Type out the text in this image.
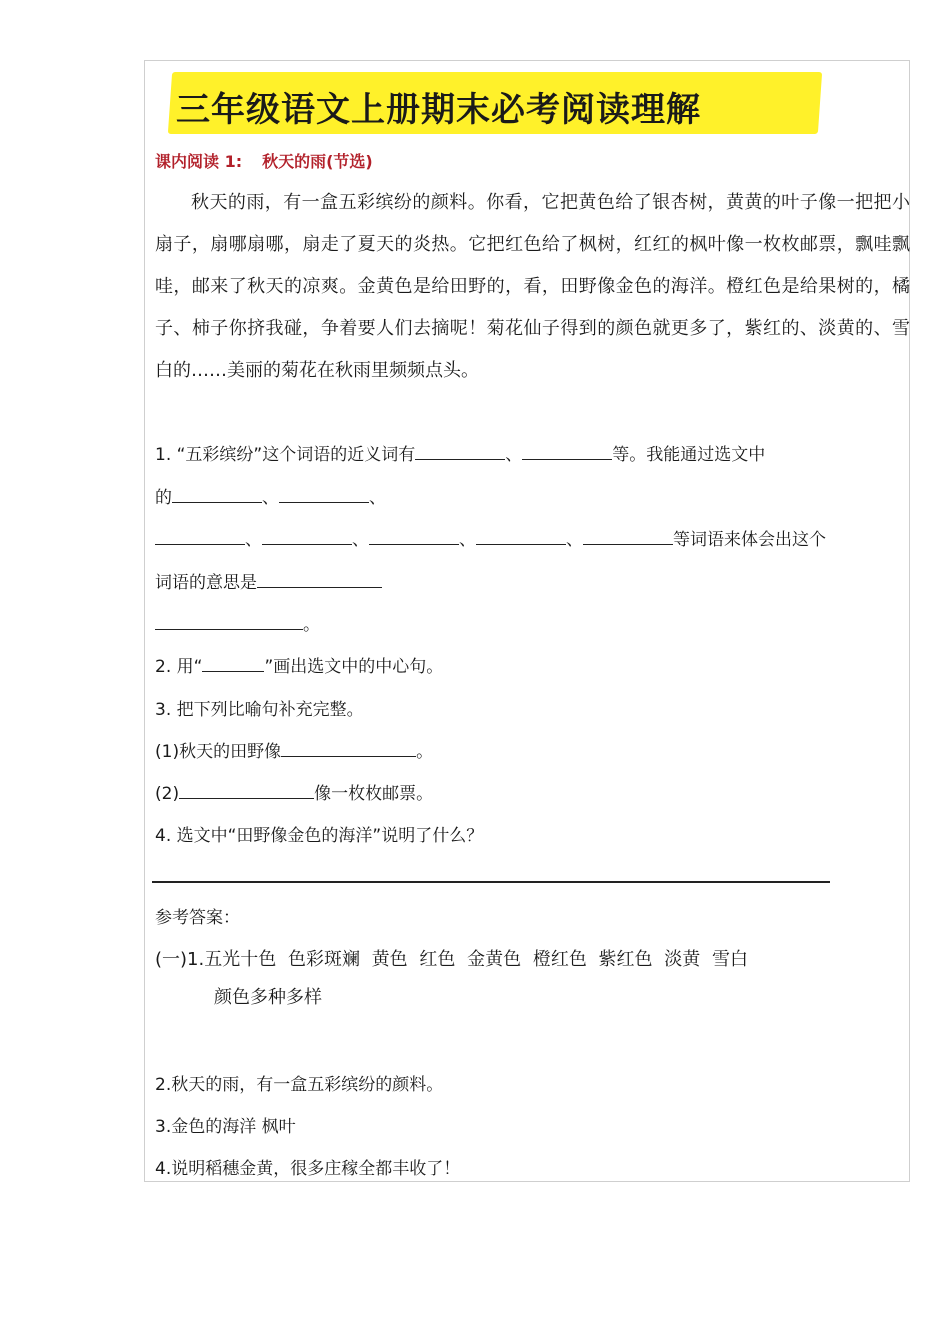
三年级语文上册期末必考阅读理解
课内阅读 1: 秋天的雨(节选)
秋天的雨，有一盒五彩缤纷的颜料。你看，它把黄色给了银杏树，黄黄的叶子像一把把小扇子，扇哪扇哪，扇走了夏天的炎热。它把红色给了枫树，红红的枫叶像一枚枚邮票，飘哇飘哇，邮来了秋天的凉爽。金黄色是给田野的，看，田野像金色的海洋。橙红色是给果树的，橘子、柿子你挤我碰，争着要人们去摘呢！菊花仙子得到的颜色就更多了，紫红的、淡黄的、雪白的……美丽的菊花在秋雨里频频点头。
1. “五彩缤纷”这个词语的近义词有	、	等。我能通过选文中
的	、	、
、	、	、	、	等词语来体会出这个
词语的意思是
。
2. 用“	”画出选文中的中心句。
3. 把下列比喻句补充完整。
(1)秋天的田野像	。
(2)	像一枚枚邮票。
4. 选文中“田野像金色的海洋”说明了什么？
参考答案：
(一)1.五光十色 色彩斑斓 黄色 红色 金黄色 橙红色 紫红色 淡黄 雪白
颜色多种多样
2.秋天的雨，有一盒五彩缤纷的颜料。
3.金色的海洋 枫叶
4.说明稻穗金黄，很多庄稼全都丰收了！
